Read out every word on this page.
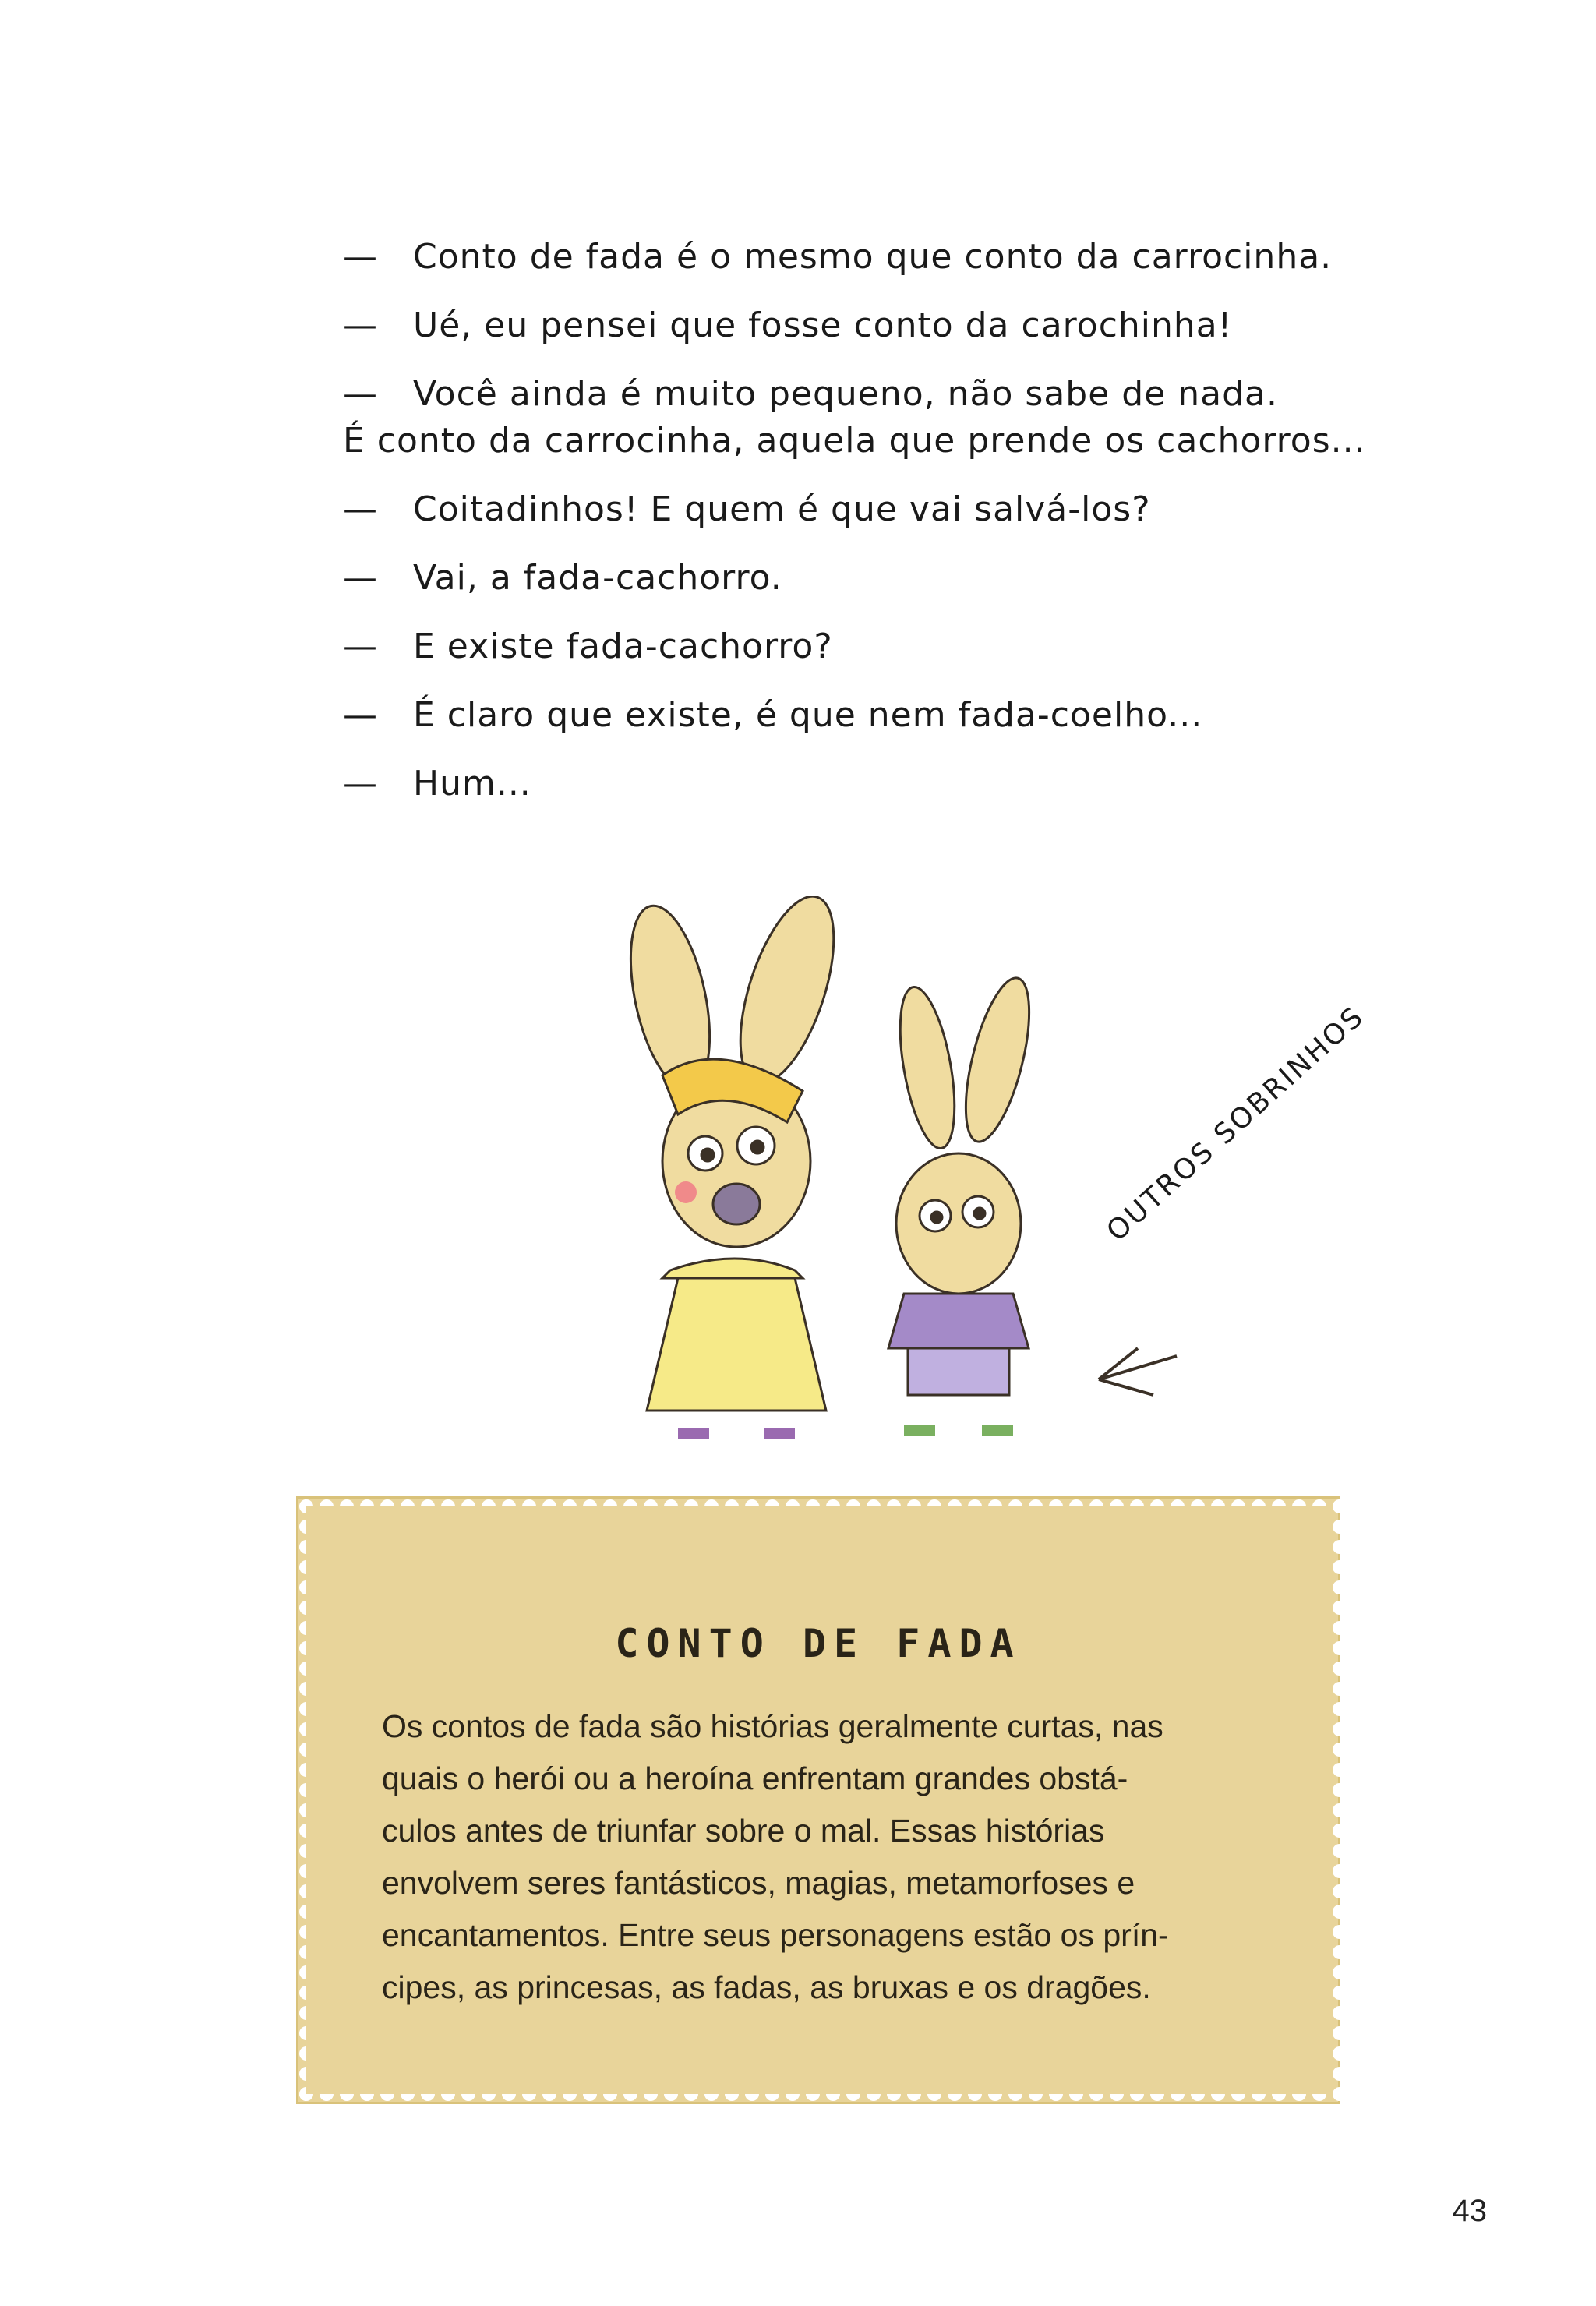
— Conto de fada é o mesmo que conto da carrocinha.
— Ué, eu pensei que fosse conto da carochinha!
— Você ainda é muito pequeno, não sabe de nada.
É conto da carrocinha, aquela que prende os cachorros...
— Coitadinhos! E quem é que vai salvá-los?
— Vai, a fada-cachorro.
— E existe fada-cachorro?
— É claro que existe, é que nem fada-coelho...
— Hum...
OUTROS SOBRINHOS
CONTO DE FADA
Os contos de fada são histórias geralmente curtas, nas
quais o herói ou a heroína enfrentam grandes obstá-
culos antes de triunfar sobre o mal. Essas histórias
envolvem seres fantásticos, magias, metamorfoses e
encantamentos. Entre seus personagens estão os prín-
cipes, as princesas, as fadas, as bruxas e os dragões.
43
